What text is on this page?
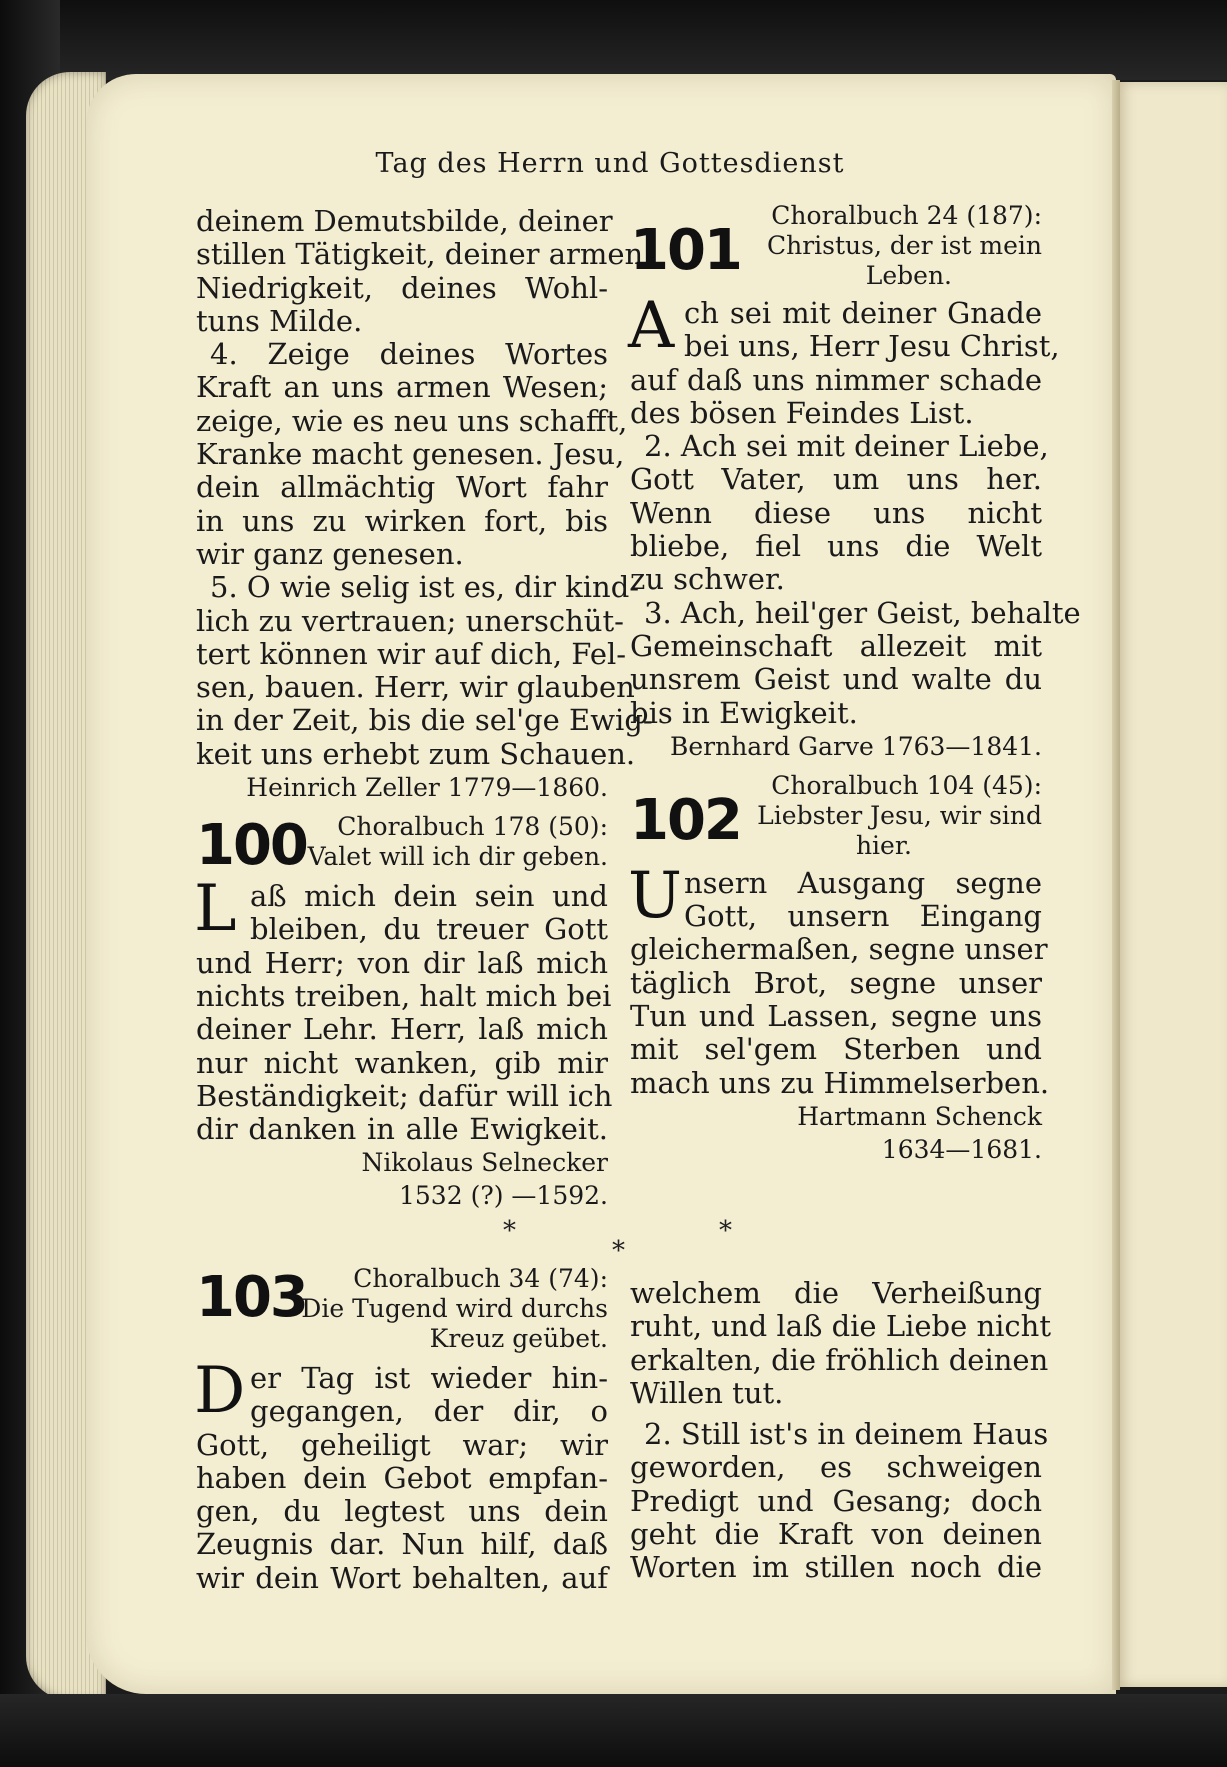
Tag des Herrn und Gottesdienst
deinem Demutsbilde, deiner
stillen Tätigkeit, deiner armen
Niedrigkeit, deines Wohl-
tuns Milde.
4. Zeige deines Wortes
Kraft an uns armen Wesen;
zeige, wie es neu uns schafft,
Kranke macht genesen. Jesu,
dein allmächtig Wort fahr
in uns zu wirken fort, bis
wir ganz genesen.
5. O wie selig ist es, dir kind-
lich zu vertrauen; unerschüt-
tert können wir auf dich, Fel-
sen, bauen. Herr, wir glauben
in der Zeit, bis die sel'ge Ewig-
keit uns erhebt zum Schauen.
Heinrich Zeller 1779—1860.
100	Choralbuch 178 (50):
Valet will ich dir geben.
L aß mich dein sein und
bleiben, du treuer Gott
und Herr; von dir laß mich
nichts treiben, halt mich bei
deiner Lehr. Herr, laß mich
nur nicht wanken, gib mir
Beständigkeit; dafür will ich
dir danken in alle Ewigkeit.
Nikolaus Selnecker
1532 (?) —1592.
103	Choralbuch 34 (74):
Die Tugend wird durchs
Kreuz geübet.
D er Tag ist wieder hin-
gegangen, der dir, o
Gott, geheiligt war; wir
haben dein Gebot empfan-
gen, du legtest uns dein
Zeugnis dar. Nun hilf, daß
wir dein Wort behalten, auf
101
Choralbuch 24 (187):
Christus, der ist mein
Leben.
A ch sei mit deiner Gnade
bei uns, Herr Jesu Christ,
auf daß uns nimmer schade
des bösen Feindes List.
2. Ach sei mit deiner Liebe,
Gott Vater, um uns her.
Wenn diese uns nicht
bliebe, fiel uns die Welt
zu schwer.
3. Ach, heil'ger Geist, behalte
Gemeinschaft allezeit mit
unsrem Geist und walte du
bis in Ewigkeit.
Bernhard Garve 1763—1841.
102
Choralbuch 104 (45):
Liebster Jesu, wir sind
hier.
U nsern Ausgang segne
Gott, unsern Eingang
gleichermaßen, segne unser
täglich Brot, segne unser
Tun und Lassen, segne uns
mit sel'gem Sterben und
mach uns zu Himmelserben.
Hartmann Schenck
1634—1681.
welchem die Verheißung
ruht, und laß die Liebe nicht
erkalten, die fröhlich deinen
Willen tut.
2. Still ist's in deinem Haus
geworden, es schweigen
Predigt und Gesang; doch
geht die Kraft von deinen
Worten im stillen noch die
*
*
*
